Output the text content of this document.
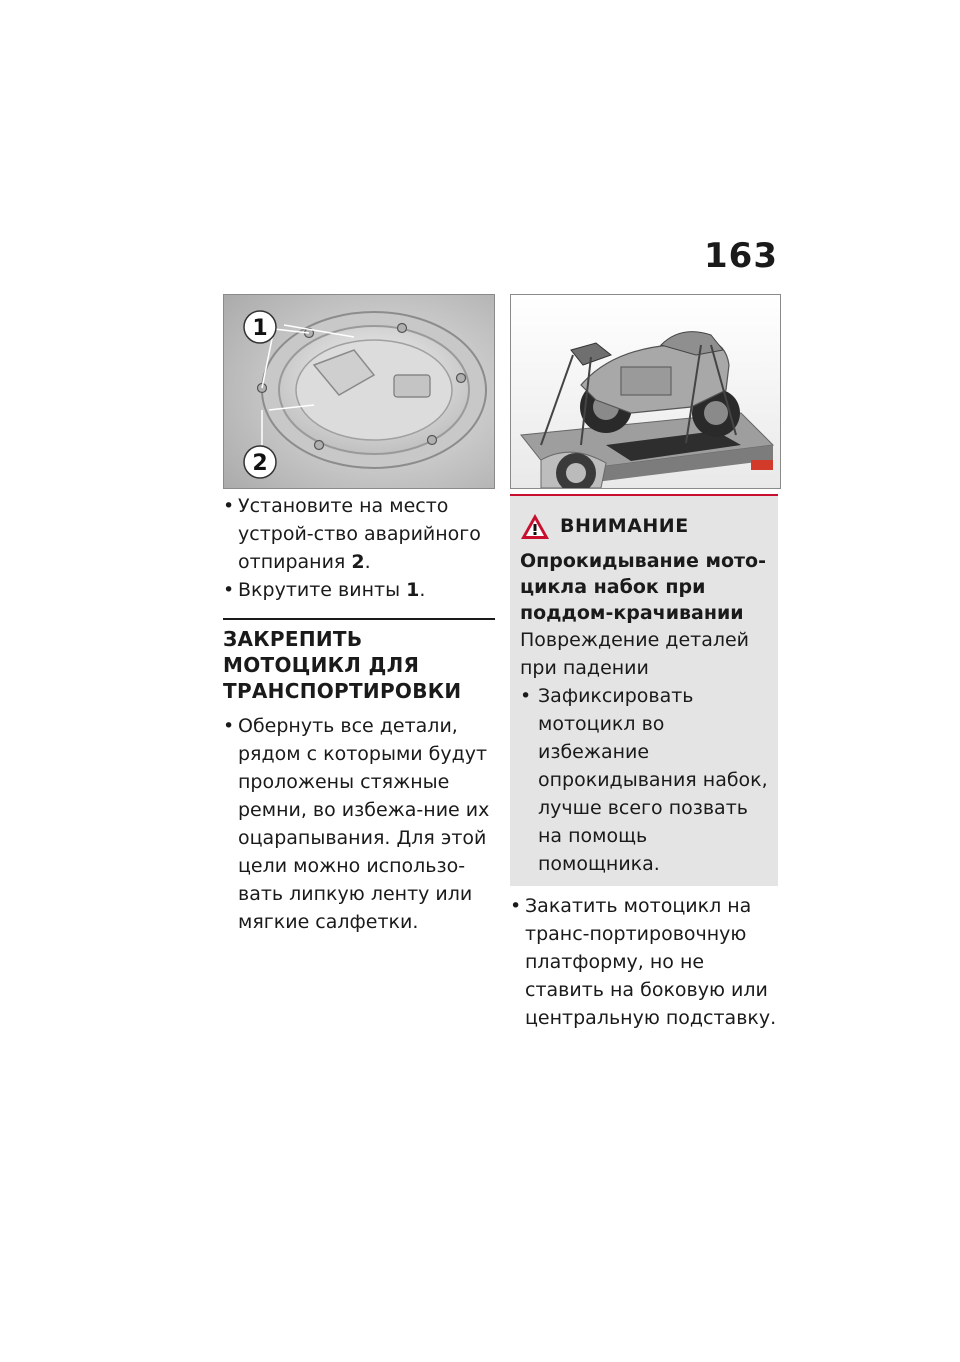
163
1
2

• Установите на место устрой-ство аварийного отпирания 2.

• Вкрутите винты 1.

ЗАКРЕПИТЬ МОТОЦИКЛ ДЛЯ ТРАНСПОРТИРОВКИ

• Обернуть все детали, рядом с которыми будут проложены стяжные ремни, во избежа-ние их оцарапывания. Для этой цели можно использо-вать липкую ленту или мягкие салфетки.

ВНИМАНИЕ
Опрокидывание мото-цикла набок при поддом-крачивании
Повреждение деталей при падении
• Зафиксировать мотоцикл во избежание опрокидывания набок, лучше всего позвать на помощь помощника.

• Закатить мотоцикл на транс-портировочную платформу, но не ставить на боковую или центральную подставку.
